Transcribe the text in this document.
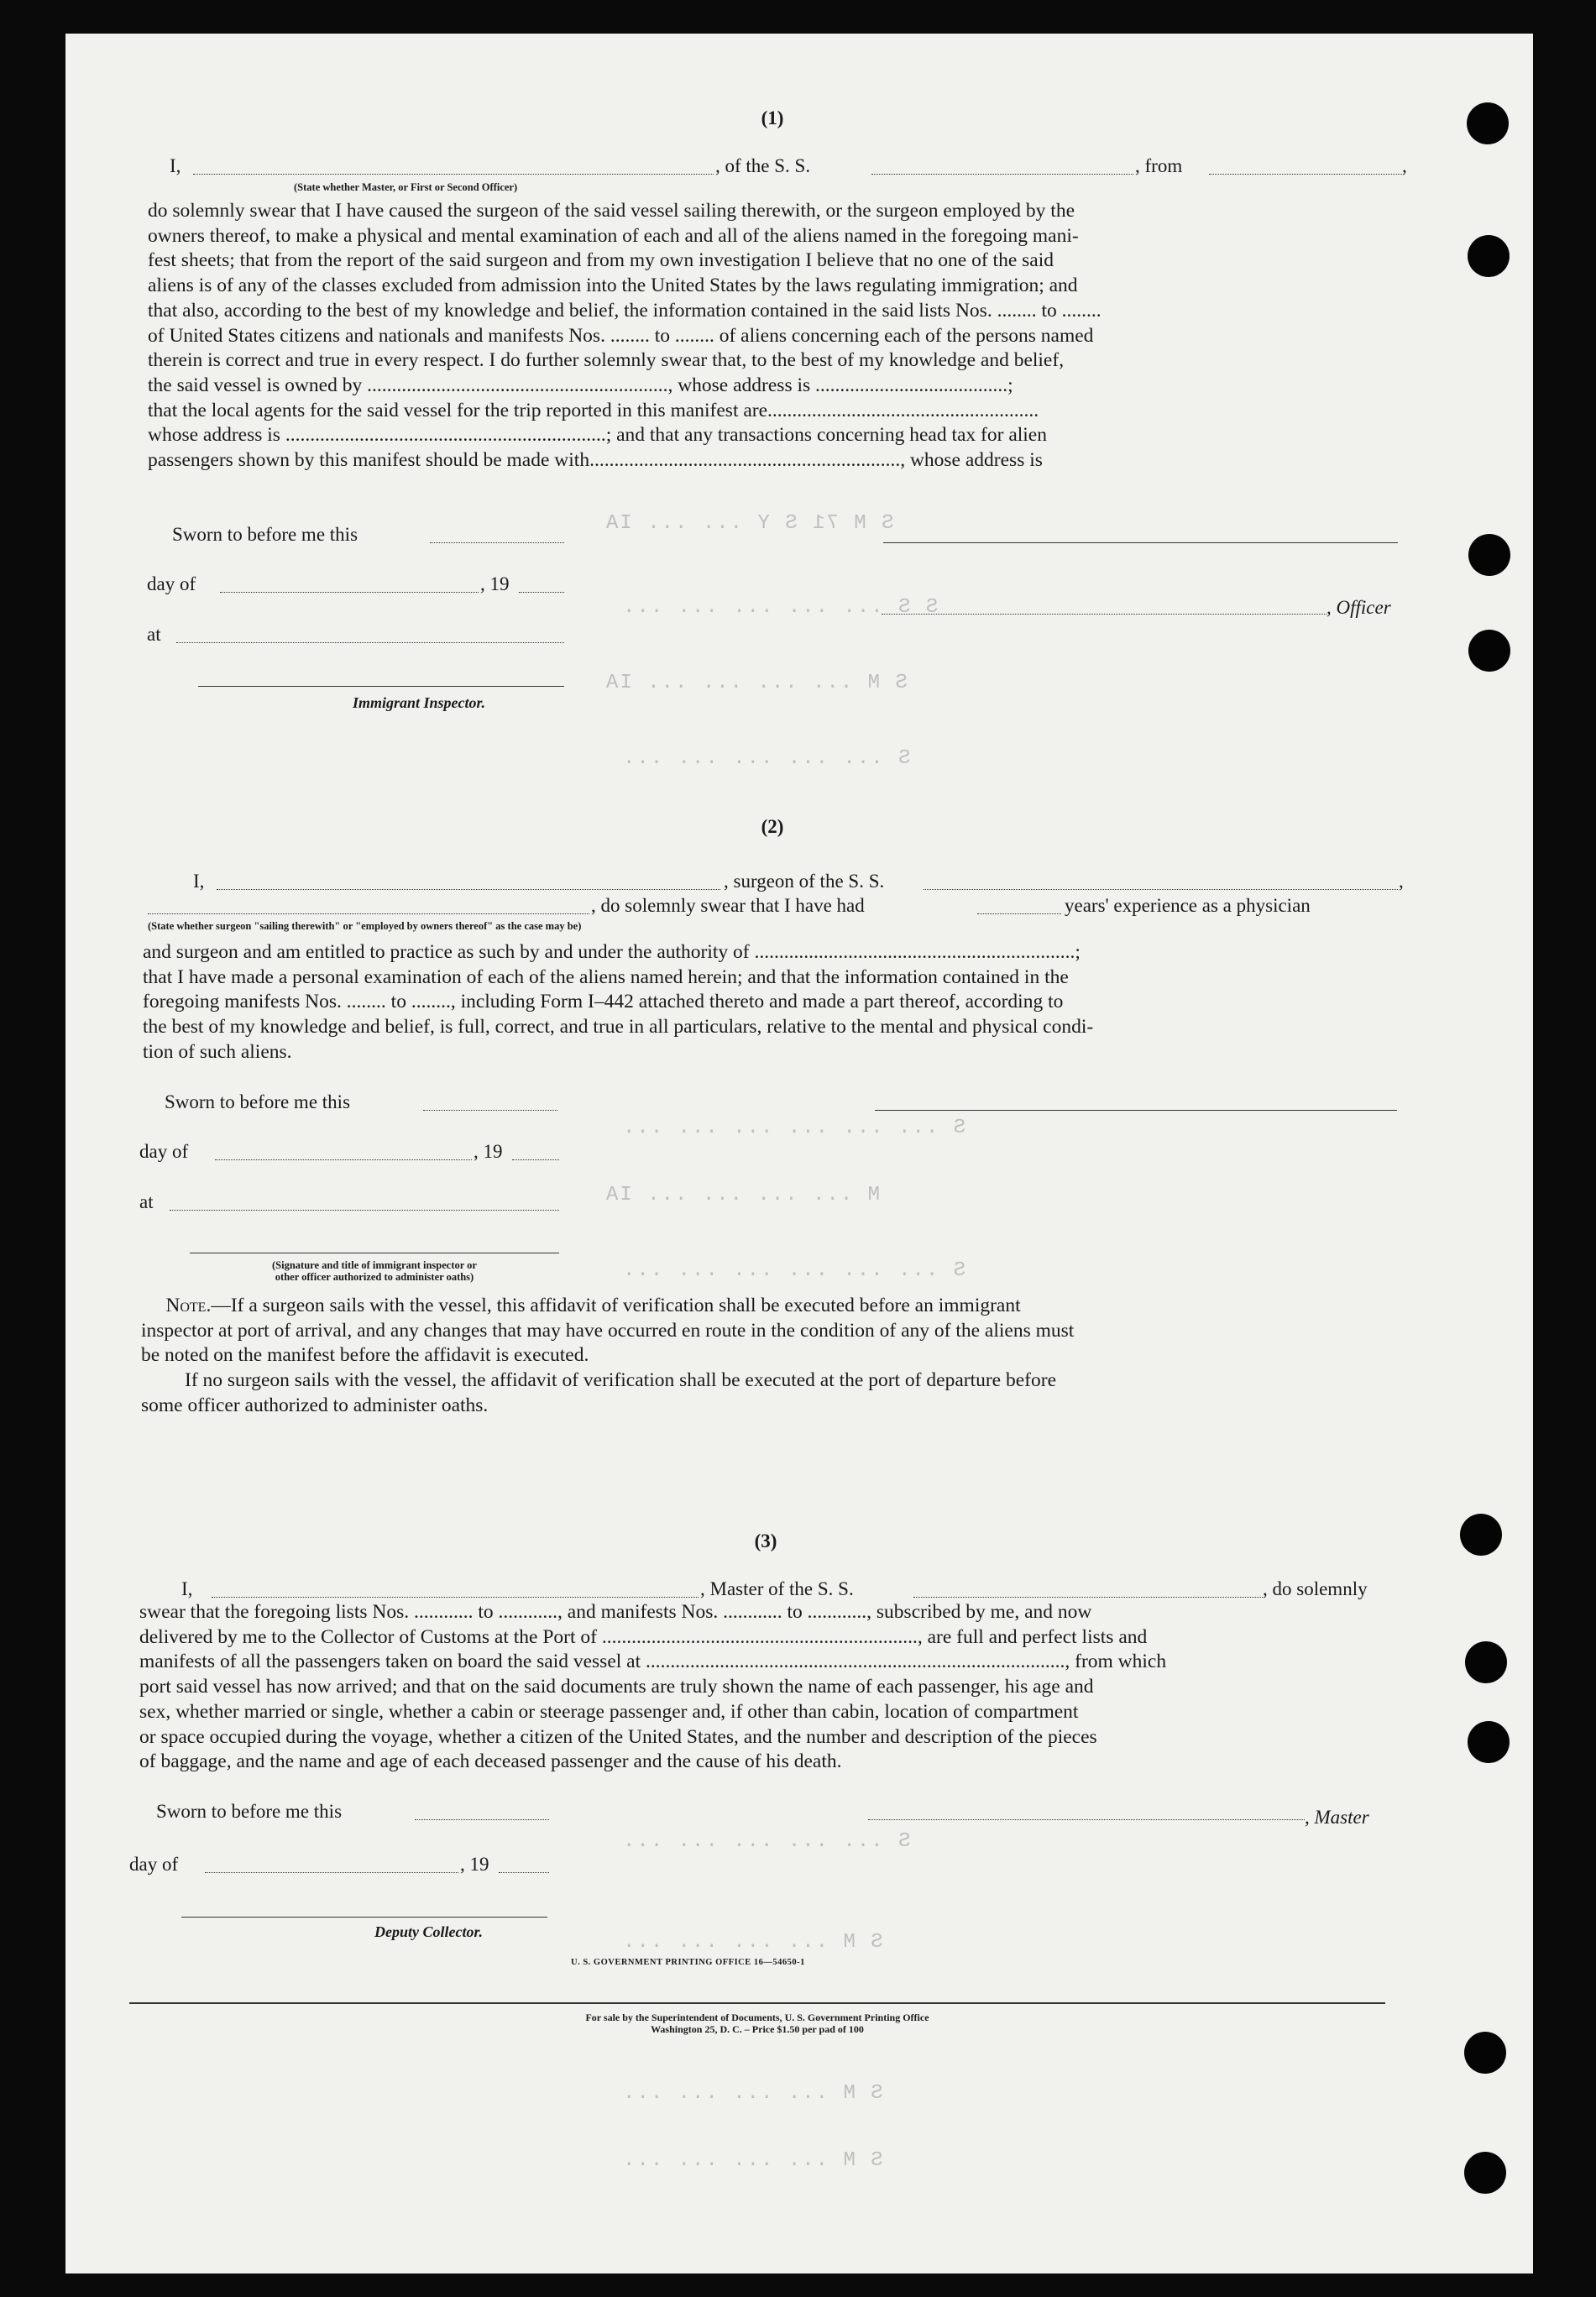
S M 71 S Y ... ... IA
S S ... ... ... ... ...
S M ... ... ... ... IA
S ... ... ... ... ...
S ... ... ... ... ... ...
M ... ... ... ... IA
S ... ... ... ... ... ...
S ... ... ... ... ...
S M ... ... ... ...
S M ... ... ... ...
S M ... ... ... ...
(1)
I,	, of the S. S.	, from	,
(State whether Master, or First or Second Officer)

do solemnly swear that I have caused the surgeon of the said vessel sailing therewith, or the surgeon employed by the

owners thereof, to make a physical and mental examination of each and all of the aliens named in the foregoing mani-

fest sheets; that from the report of the said surgeon and from my own investigation I believe that no one of the said

aliens is of any of the classes excluded from admission into the United States by the laws regulating immigration; and

that also, according to the best of my knowledge and belief, the information contained in the said lists Nos. ........ to ........

of United States citizens and nationals and manifests Nos. ........ to ........ of aliens concerning each of the persons named

therein is correct and true in every respect. I do further solemnly swear that, to the best of my knowledge and belief,

the said vessel is owned by ............................................................., whose address is .......................................;

that the local agents for the said vessel for the trip reported in this manifest are.......................................................

whose address is .................................................................; and that any transactions concerning head tax for alien

passengers shown by this manifest should be made with..............................................................., whose address is

Sworn to before me this
day of	, 19
, Officer
at
Immigrant Inspector.
(2)
I,	, surgeon of the S. S.	,
, do solemnly swear that I have had	years' experience as a physician
(State whether surgeon "sailing therewith" or "employed by owners thereof" as the case may be)

and surgeon and am entitled to practice as such by and under the authority of .................................................................;

that I have made a personal examination of each of the aliens named herein; and that the information contained in the

foregoing manifests Nos. ........ to ........, including Form I–442 attached thereto and made a part thereof, according to

the best of my knowledge and belief, is full, correct, and true in all particulars, relative to the mental and physical condi-

tion of such aliens.

Sworn to before me this
day of	, 19
at
(Signature and title of immigrant inspector or
other officer authorized to administer oaths)

Note.—If a surgeon sails with the vessel, this affidavit of verification shall be executed before an immigrant

inspector at port of arrival, and any changes that may have occurred en route in the condition of any of the aliens must

be noted on the manifest before the affidavit is executed.

If no surgeon sails with the vessel, the affidavit of verification shall be executed at the port of departure before

some officer authorized to administer oaths.

(3)
I,	, Master of the S. S.	, do solemnly

swear that the foregoing lists Nos. ............ to ............, and manifests Nos. ............ to ............, subscribed by me, and now

delivered by me to the Collector of Customs at the Port of ................................................................, are full and perfect lists and

manifests of all the passengers taken on board the said vessel at ....................................................................................., from which

port said vessel has now arrived; and that on the said documents are truly shown the name of each passenger, his age and

sex, whether married or single, whether a cabin or steerage passenger and, if other than cabin, location of compartment

or space occupied during the voyage, whether a citizen of the United States, and the number and description of the pieces

of baggage, and the name and age of each deceased passenger and the cause of his death.

Sworn to before me this	, Master
day of	, 19
Deputy Collector.
U. S. GOVERNMENT PRINTING OFFICE 16—54650-1
For sale by the Superintendent of Documents, U. S. Government Printing Office
Washington 25, D. C. – Price $1.50 per pad of 100
